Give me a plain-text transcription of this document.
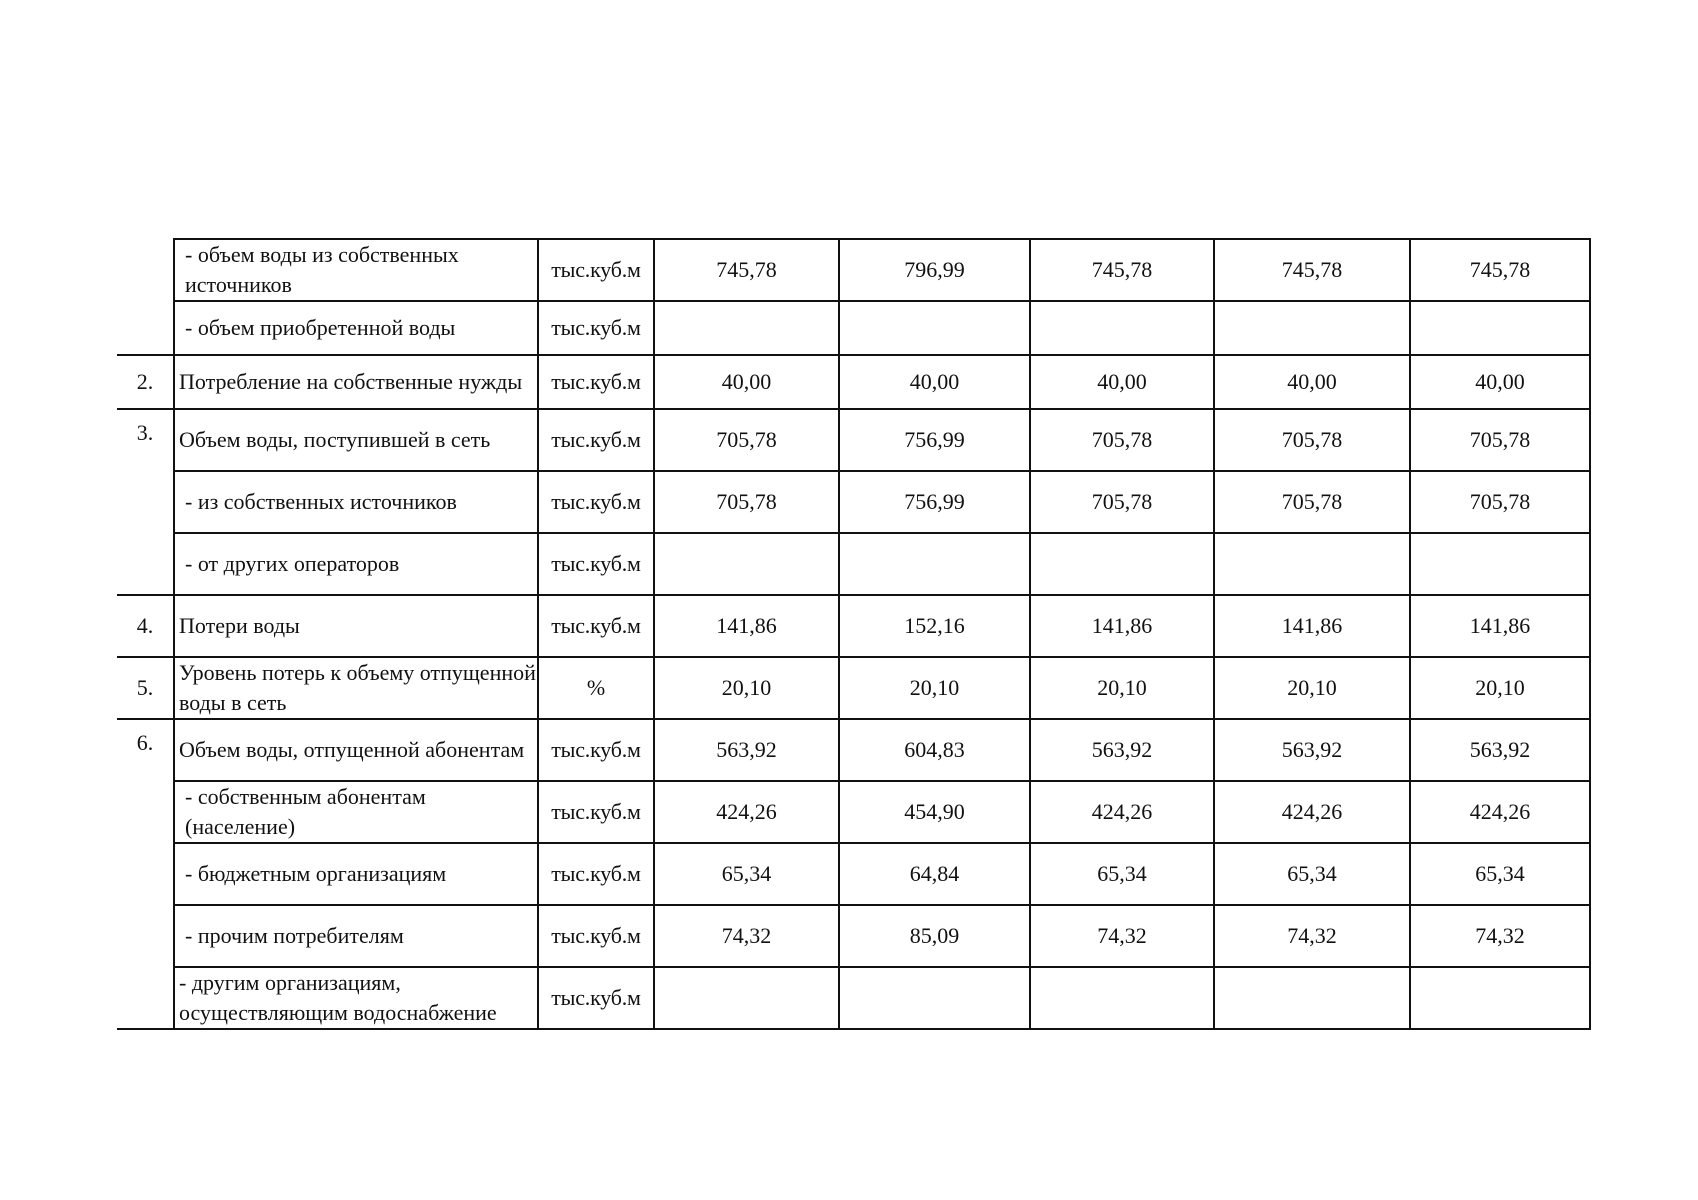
	- объем воды из собственных источников	тыс.куб.м	745,78	796,99	745,78	745,78	745,78
	- объем приобретенной воды	тыс.куб.м					
2.	Потребление на собственные нужды	тыс.куб.м	40,00	40,00	40,00	40,00	40,00
3.	Объем воды, поступившей в сеть	тыс.куб.м	705,78	756,99	705,78	705,78	705,78
	- из собственных источников	тыс.куб.м	705,78	756,99	705,78	705,78	705,78
	- от других операторов	тыс.куб.м					
4.	Потери воды	тыс.куб.м	141,86	152,16	141,86	141,86	141,86
5.	Уровень потерь к объему отпущенной воды в сеть	%	20,10	20,10	20,10	20,10	20,10
6.	Объем воды, отпущенной абонентам	тыс.куб.м	563,92	604,83	563,92	563,92	563,92
	- собственным абонентам (население)	тыс.куб.м	424,26	454,90	424,26	424,26	424,26
	- бюджетным организациям	тыс.куб.м	65,34	64,84	65,34	65,34	65,34
	- прочим потребителям	тыс.куб.м	74,32	85,09	74,32	74,32	74,32
	- другим организациям, осуществляющим водоснабжение	тыс.куб.м					
